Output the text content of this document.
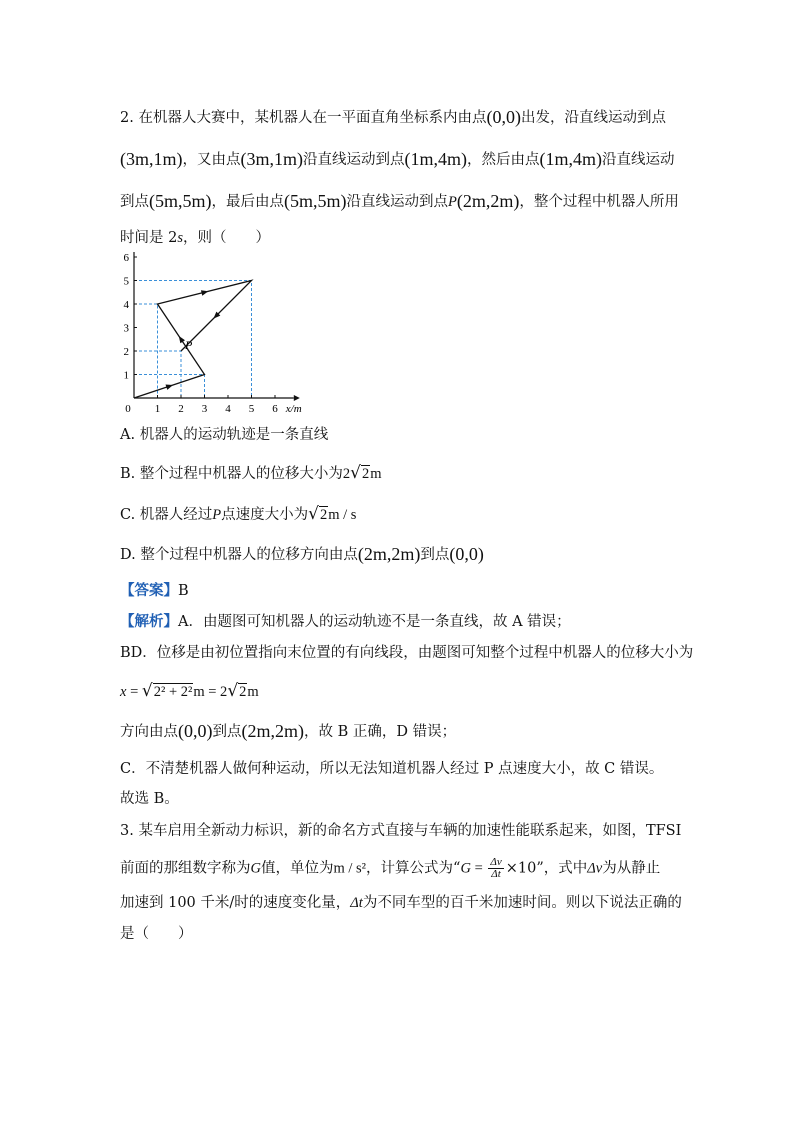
2. 在机器人大赛中，某机器人在一平面直角坐标系内由点(0,0)出发，沿直线运动到点
(3m,1m)，又由点(3m,1m)沿直线运动到点(1m,4m)，然后由点(1m,4m)沿直线运动
到点(5m,5m)，最后由点(5m,5m)沿直线运动到点P(2m,2m)，整个过程中机器人所用
时间是 2s，则（　　）
1 2 3 4 5 6
1
2
3
4
5
6
0	x/m
P
A. 机器人的运动轨迹是一条直线
B. 整个过程中机器人的位移大小为2√2m
C. 机器人经过P点速度大小为√2m / s
D. 整个过程中机器人的位移方向由点(2m,2m)到点(0,0)
【答案】B
【解析】A．由题图可知机器人的运动轨迹不是一条直线，故 A 错误；
BD．位移是由初位置指向末位置的有向线段，由题图可知整个过程中机器人的位移大小为
x = √2² + 2²m = 2√2m
方向由点(0,0)到点(2m,2m)，故 B 正确，D 错误；
C．不清楚机器人做何种运动，所以无法知道机器人经过 P 点速度大小，故 C 错误。
故选 B。
3. 某车启用全新动力标识，新的命名方式直接与车辆的加速性能联系起来，如图，TFSI
前面的那组数字称为G值，单位为m / s²，计算公式为“$G = \frac{\Delta v}{\Delta t} \times 10$”，式中Δv为从静止
加速到 100 千米/时的速度变化量，Δt为不同车型的百千米加速时间。则以下说法正确的
是（　　）
